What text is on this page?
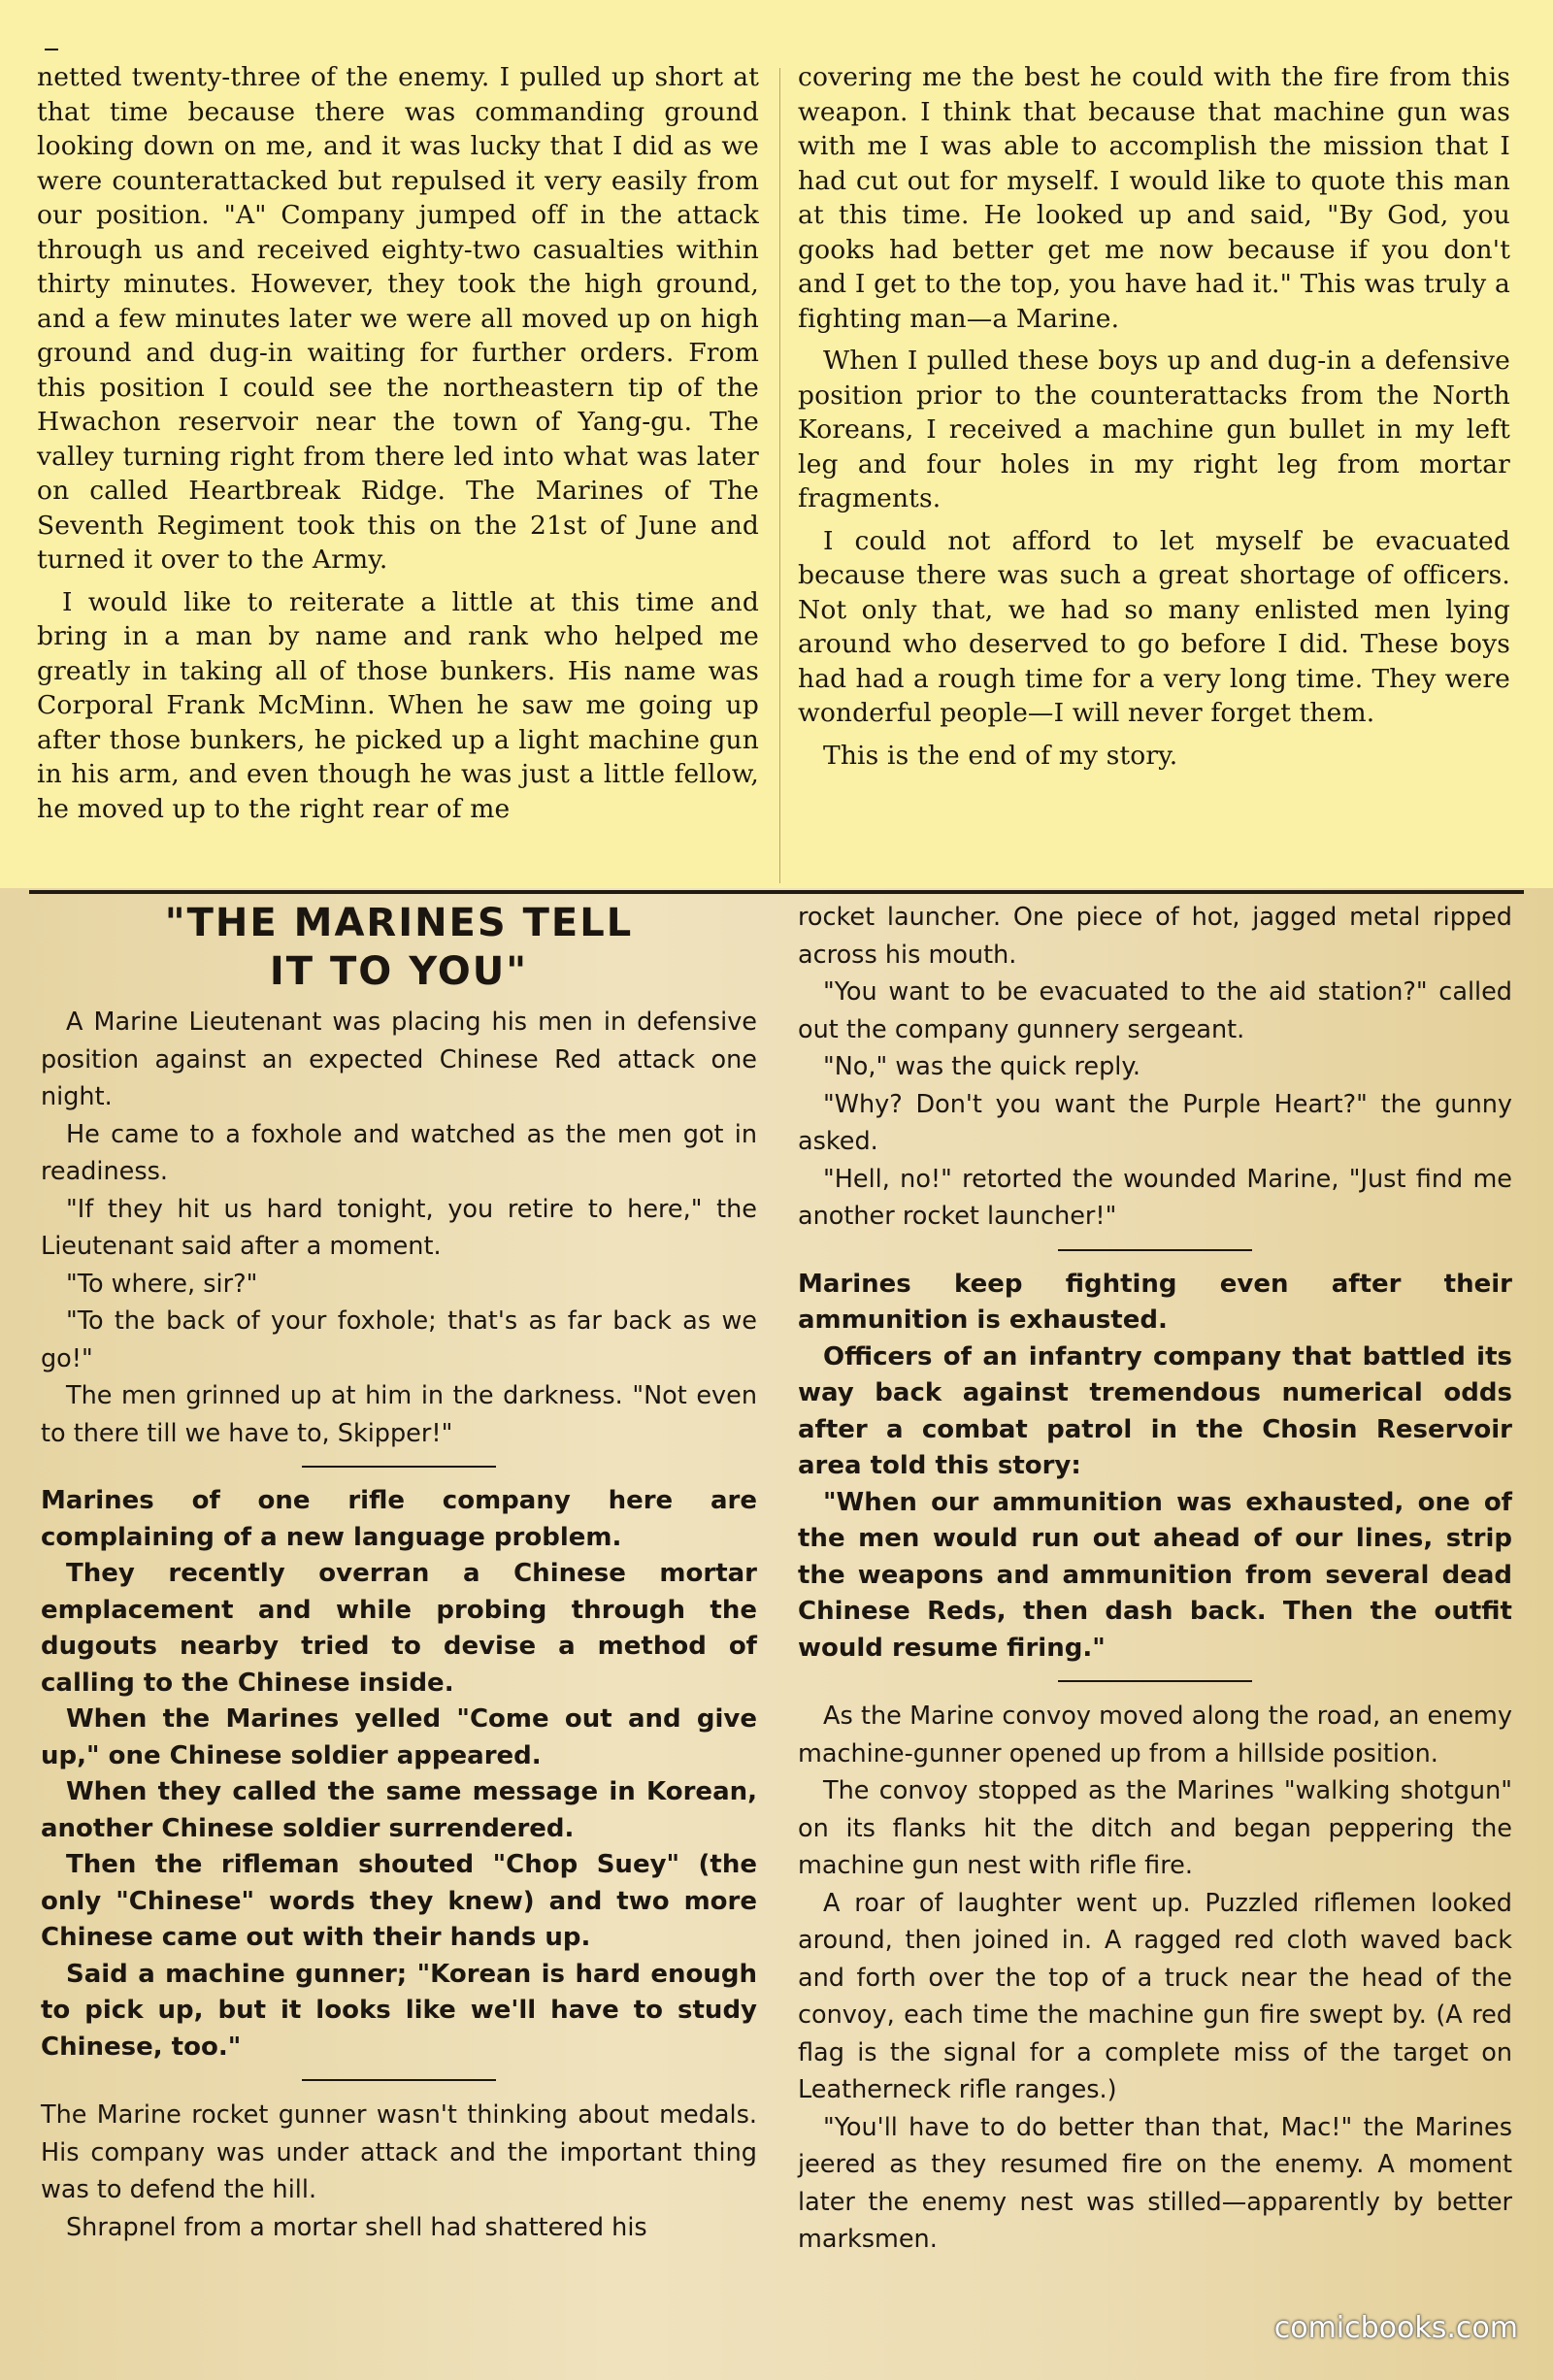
netted twenty-three of the enemy. I pulled up short at that time because there was commanding ground looking down on me, and it was lucky that I did as we were counterattacked but repulsed it very easily from our position. "A" Company jumped off in the attack through us and received eighty-two casualties within thirty minutes. However, they took the high ground, and a few minutes later we were all moved up on high ground and dug-in waiting for further orders. From this position I could see the northeastern tip of the Hwachon reservoir near the town of Yang-gu. The valley turning right from there led into what was later on called Heartbreak Ridge. The Marines of The Seventh Regiment took this on the 21st of June and turned it over to the Army.

I would like to reiterate a little at this time and bring in a man by name and rank who helped me greatly in taking all of those bunkers. His name was Corporal Frank McMinn. When he saw me going up after those bunkers, he picked up a light machine gun in his arm, and even though he was just a little fellow, he moved up to the right rear of me

covering me the best he could with the fire from this weapon. I think that because that machine gun was with me I was able to accomplish the mission that I had cut out for myself. I would like to quote this man at this time. He looked up and said, "By God, you gooks had better get me now because if you don't and I get to the top, you have had it." This was truly a fighting man—a Marine.

When I pulled these boys up and dug-in a defensive position prior to the counterattacks from the North Koreans, I received a machine gun bullet in my left leg and four holes in my right leg from mortar fragments.

I could not afford to let myself be evacuated because there was such a great shortage of officers. Not only that, we had so many enlisted men lying around who deserved to go before I did. These boys had had a rough time for a very long time. They were wonderful people—I will never forget them.

This is the end of my story.

"THE MARINES TELL
IT TO YOU"

A Marine Lieutenant was placing his men in defensive position against an expected Chinese Red attack one night.

He came to a foxhole and watched as the men got in readiness.

"If they hit us hard tonight, you retire to here," the Lieutenant said after a moment.

"To where, sir?"

"To the back of your foxhole; that's as far back as we go!"

The men grinned up at him in the darkness. "Not even to there till we have to, Skipper!"

Marines of one rifle company here are complaining of a new language problem.

They recently overran a Chinese mortar emplacement and while probing through the dugouts nearby tried to devise a method of calling to the Chinese inside.

When the Marines yelled "Come out and give up," one Chinese soldier appeared.

When they called the same message in Korean, another Chinese soldier surrendered.

Then the rifleman shouted "Chop Suey" (the only "Chinese" words they knew) and two more Chinese came out with their hands up.

Said a machine gunner; "Korean is hard enough to pick up, but it looks like we'll have to study Chinese, too."

The Marine rocket gunner wasn't thinking about medals. His company was under attack and the important thing was to defend the hill.

Shrapnel from a mortar shell had shattered his

rocket launcher. One piece of hot, jagged metal ripped across his mouth.

"You want to be evacuated to the aid station?" called out the company gunnery sergeant.

"No," was the quick reply.

"Why? Don't you want the Purple Heart?" the gunny asked.

"Hell, no!" retorted the wounded Marine, "Just find me another rocket launcher!"

Marines keep fighting even after their ammunition is exhausted.

Officers of an infantry company that battled its way back against tremendous numerical odds after a combat patrol in the Chosin Reservoir area told this story:

"When our ammunition was exhausted, one of the men would run out ahead of our lines, strip the weapons and ammunition from several dead Chinese Reds, then dash back. Then the outfit would resume firing."

As the Marine convoy moved along the road, an enemy machine-gunner opened up from a hillside position.

The convoy stopped as the Marines "walking shotgun" on its flanks hit the ditch and began peppering the machine gun nest with rifle fire.

A roar of laughter went up. Puzzled riflemen looked around, then joined in. A ragged red cloth waved back and forth over the top of a truck near the head of the convoy, each time the machine gun fire swept by. (A red flag is the signal for a complete miss of the target on Leatherneck rifle ranges.)

"You'll have to do better than that, Mac!" the Marines jeered as they resumed fire on the enemy. A moment later the enemy nest was stilled—apparently by better marksmen.

comicbooks.com
